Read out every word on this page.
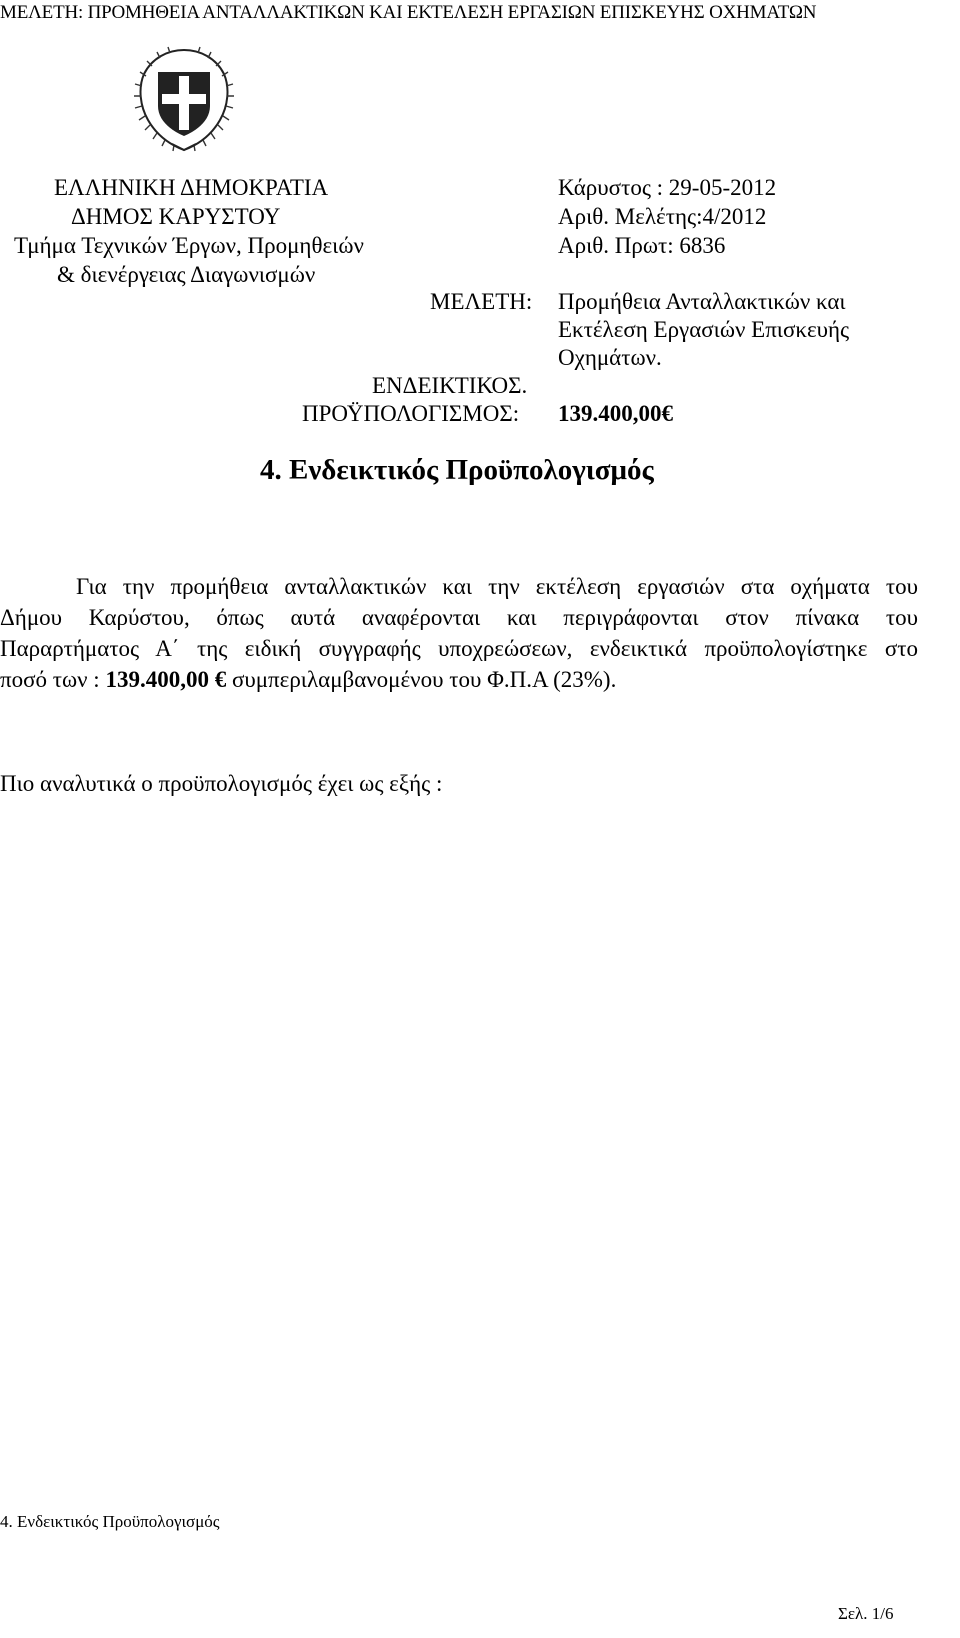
ΜΕΛΕΤΗ: ΠΡΟΜΗΘΕΙΑ ΑΝΤΑΛΛΑΚΤΙΚΩΝ ΚΑΙ ΕΚΤΕΛΕΣΗ ΕΡΓΑΣΙΩΝ ΕΠΙΣΚΕΥΗΣ ΟΧΗΜΑΤΩΝ
ΕΛΛΗΝΙΚΗ ΔΗΜΟΚΡΑΤΙΑ
ΔΗΜΟΣ ΚΑΡΥΣΤΟΥ
Τμήμα Τεχνικών Έργων, Προμηθειών
& διενέργειας Διαγωνισμών
Κάρυστος : 29-05-2012
Αριθ. Μελέτης:4/2012
Αριθ. Πρωτ: 6836
ΜΕΛΕΤΗ: Προμήθεια Ανταλλακτικών και
Εκτέλεση Εργασιών Επισκευής
Οχημάτων.
ΕΝΔΕΙΚΤΙΚΟΣ.
ΠΡΟΫΠΟΛΟΓΙΣΜΟΣ: 139.400,00€
4. Ενδεικτικός Προϋπολογισμός
Για την προμήθεια ανταλλακτικών και την εκτέλεση εργασιών στα οχήματα του
Δήμου Καρύστου, όπως αυτά αναφέρονται και περιγράφονται στον πίνακα του
Παραρτήματος Α΄ της ειδική συγγραφής υποχρεώσεων, ενδεικτικά προϋπολογίστηκε στο
ποσό των : 139.400,00 € συμπεριλαμβανομένου του Φ.Π.Α (23%).
Πιο αναλυτικά ο προϋπολογισμός έχει ως εξής :
4. Ενδεικτικός Προϋπολογισμός
Σελ. 1/6
